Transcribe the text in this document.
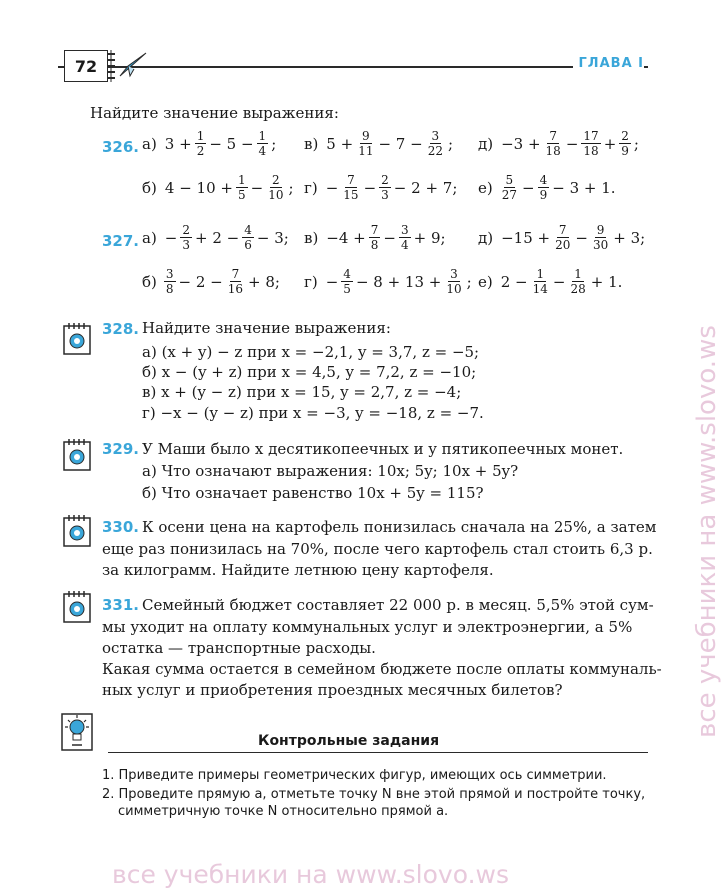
72	ГЛАВА I
Найдите значение выражения:
326. а) $3 + \frac{1}{2} - 5 - \frac{1}{4}$ ; в) $5 + \frac{9}{11} - 7 - \frac{3}{22}$ ; $д) -3 + \frac{7}{18} - \frac{17}{18} + \frac{2}{9}$ ;
б) $4 - 10 + \frac{1}{5} - \frac{2}{10}$ ; $г) - \frac{7}{15} - \frac{2}{3} - 2 + 7$; $е) \frac{5}{27} - \frac{4}{9} - 3 + 1$.
327. $а) - \frac{2}{3} + 2 - \frac{4}{6} - 3$; $в) -4 + \frac{7}{8} - \frac{3}{4} + 9$; $д) -15 + \frac{7}{20} - \frac{9}{30} + 3$;
$б) \frac{3}{8} - 2 - \frac{7}{16} + 8$; $г) - \frac{4}{5} - 8 + 13 + \frac{3}{10}$ ; е) $2 - \frac{1}{14} - \frac{1}{28} + 1$.
328. Найдите значение выражения:
а) (x + y) − z при x = −2,1, y = 3,7, z = −5;
б) x − (y + z) при x = 4,5, y = 7,2, z = −10;
в) x + (y − z) при x = 15, y = 2,7, z = −4;
г) −x − (y − z) при x = −3, y = −18, z = −7.
329. У Маши было x десятикопеечных и y пятикопеечных монет.
а) Что означают выражения: 10x; 5y; 10x + 5y?
б) Что означает равенство 10x + 5y = 115?
330. К осени цена на картофель понизилась сначала на 25%, а затем
еще раз понизилась на 70%, после чего картофель стал стоить 6,3 р.
за килограмм. Найдите летнюю цену картофеля.
331. Семейный бюджет составляет 22 000 р. в месяц. 5,5% этой сум-
мы уходит на оплату коммунальных услуг и электроэнергии, а 5%
остатка — транспортные расходы.
Какая сумма остается в семейном бюджете после оплаты коммуналь-
ных услуг и приобретения проездных месячных билетов?
Контрольные задания
1. Приведите примеры геометрических фигур, имеющих ось симметрии.
2. Проведите прямую a, отметьте точку N вне этой прямой и постройте точку,
симметричную точке N относительно прямой a.
все учебники на www.slovo.ws
все учебники на www.slovo.ws
